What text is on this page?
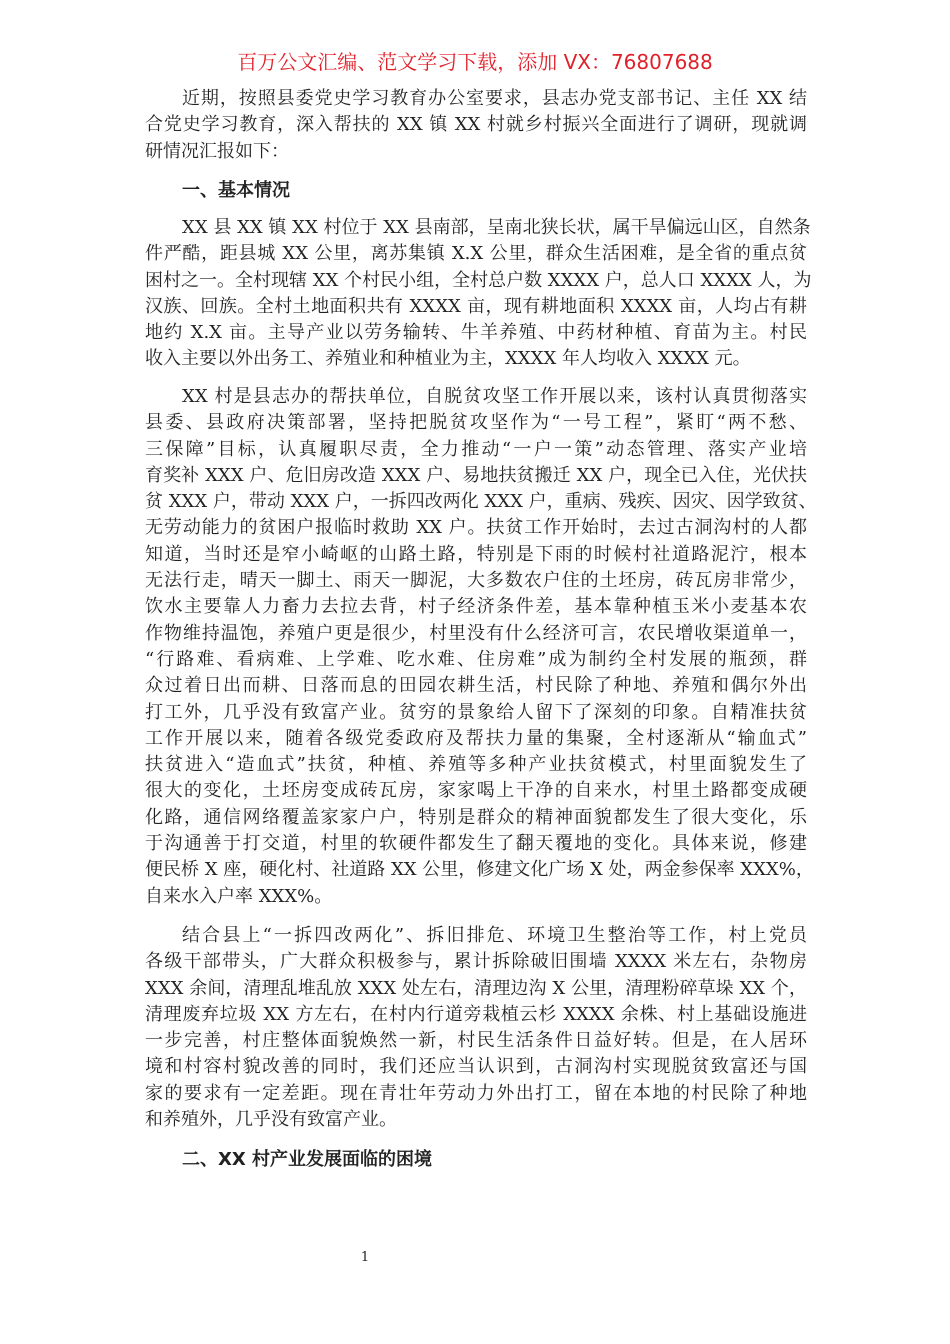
百万公文汇编、范文学习下载，添加 VX：76807688
近期，按照县委党史学习教育办公室要求，县志办党支部书记、主任 XX 结
合党史学习教育，深入帮扶的 XX 镇 XX 村就乡村振兴全面进行了调研，现就调
研情况汇报如下：
一、基本情况
XX 县 XX 镇 XX 村位于 XX 县南部，呈南北狭长状，属干旱偏远山区，自然条
件严酷，距县城 XX 公里，离苏集镇 X.X 公里，群众生活困难，是全省的重点贫
困村之一。全村现辖 XX 个村民小组，全村总户数 XXXX 户，总人口 XXXX 人，为
汉族、回族。全村土地面积共有 XXXX 亩，现有耕地面积 XXXX 亩，人均占有耕
地约 X.X 亩。主导产业以劳务输转、牛羊养殖、中药材种植、育苗为主。村民
收入主要以外出务工、养殖业和种植业为主，XXXX 年人均收入 XXXX 元。
XX 村是县志办的帮扶单位，自脱贫攻坚工作开展以来，该村认真贯彻落实
县委、县政府决策部署，坚持把脱贫攻坚作为“一号工程”，紧盯“两不愁、
三保障”目标，认真履职尽责，全力推动“一户一策”动态管理、落实产业培
育奖补 XXX 户、危旧房改造 XXX 户、易地扶贫搬迁 XX 户，现全已入住，光伏扶
贫 XXX 户，带动 XXX 户，一拆四改两化 XXX 户，重病、残疾、因灾、因学致贫、
无劳动能力的贫困户报临时救助 XX 户。扶贫工作开始时，去过古洞沟村的人都
知道，当时还是窄小崎岖的山路土路，特别是下雨的时候村社道路泥泞，根本
无法行走，晴天一脚土、雨天一脚泥，大多数农户住的土坯房，砖瓦房非常少，
饮水主要靠人力畜力去拉去背，村子经济条件差，基本靠种植玉米小麦基本农
作物维持温饱，养殖户更是很少，村里没有什么经济可言，农民增收渠道单一，
“行路难、看病难、上学难、吃水难、住房难”成为制约全村发展的瓶颈，群
众过着日出而耕、日落而息的田园农耕生活，村民除了种地、养殖和偶尔外出
打工外，几乎没有致富产业。贫穷的景象给人留下了深刻的印象。自精准扶贫
工作开展以来，随着各级党委政府及帮扶力量的集聚，全村逐渐从“输血式”
扶贫进入“造血式”扶贫，种植、养殖等多种产业扶贫模式，村里面貌发生了
很大的变化，土坯房变成砖瓦房，家家喝上干净的自来水，村里土路都变成硬
化路，通信网络覆盖家家户户，特别是群众的精神面貌都发生了很大变化，乐
于沟通善于打交道，村里的软硬件都发生了翻天覆地的变化。具体来说，修建
便民桥 X 座，硬化村、社道路 XX 公里，修建文化广场 X 处，两金参保率 XXX%，
自来水入户率 XXX%。
结合县上“一拆四改两化”、拆旧排危、环境卫生整治等工作，村上党员
各级干部带头，广大群众积极参与，累计拆除破旧围墙 XXXX 米左右，杂物房
XXX 余间，清理乱堆乱放 XXX 处左右，清理边沟 X 公里，清理粉碎草垛 XX 个，
清理废弃垃圾 XX 方左右，在村内行道旁栽植云杉 XXXX 余株、村上基础设施进
一步完善，村庄整体面貌焕然一新，村民生活条件日益好转。但是，在人居环
境和村容村貌改善的同时，我们还应当认识到，古洞沟村实现脱贫致富还与国
家的要求有一定差距。现在青壮年劳动力外出打工，留在本地的村民除了种地
和养殖外，几乎没有致富产业。
二、XX 村产业发展面临的困境
1
